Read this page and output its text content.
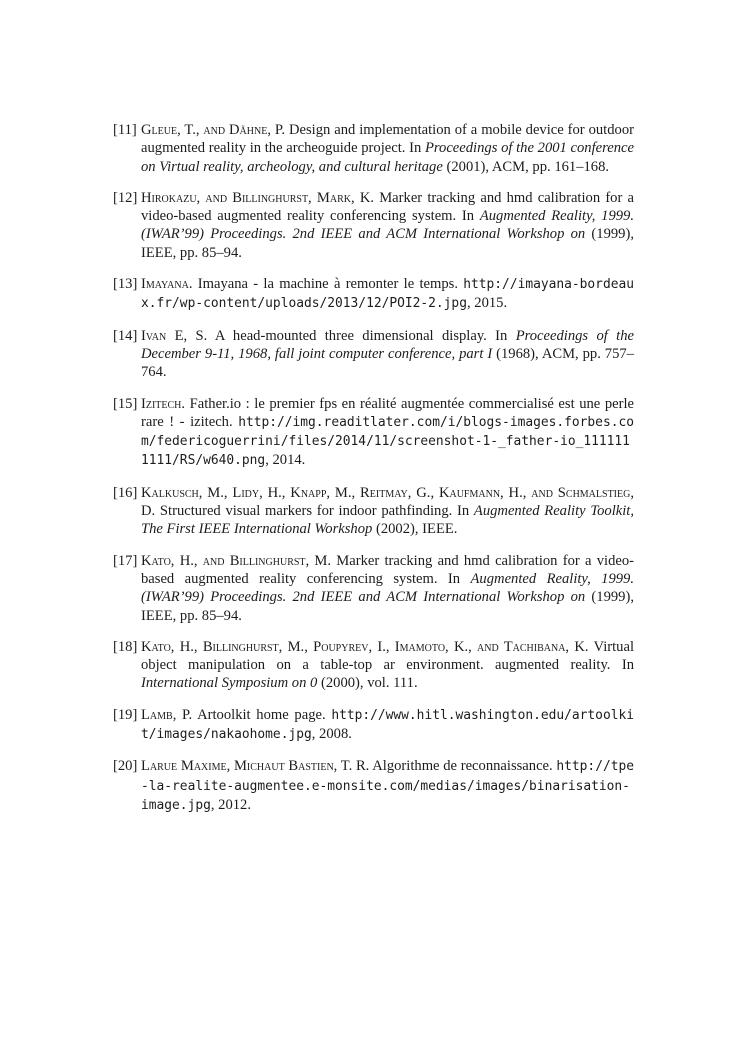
[11] Gleue, T., and Dähne, P. Design and implementation of a mobile device for outdoor augmented reality in the archeoguide project. In Proceedings of the 2001 conference on Virtual reality, archeology, and cultural heritage (2001), ACM, pp. 161–168.
[12] Hirokazu, and Billinghurst, Mark, K. Marker tracking and hmd calibration for a video-based augmented reality conferencing system. In Augmented Reality, 1999.(IWAR’99) Proceedings. 2nd IEEE and ACM International Workshop on (1999), IEEE, pp. 85–94.
[13] Imayana. Imayana - la machine à remonter le temps. http://imayana-bordeaux.fr/wp-content/uploads/2013/12/POI2-2.jpg, 2015.
[14] Ivan E, S. A head-mounted three dimensional display. In Proceedings of the December 9-11, 1968, fall joint computer conference, part I (1968), ACM, pp. 757–764.
[15] Izitech. Father.io : le premier fps en réalité augmentée commercialisé est une perle rare ! - izitech. http://img.readitlater.com/i/blogs-images.forbes.com/federicoguerrini/files/2014/11/screenshot-1-_father-io_1111111111/RS/w640.png, 2014.
[16] Kalkusch, M., Lidy, H., Knapp, M., Reitmay, G., Kaufmann, H., and Schmalstieg, D. Structured visual markers for indoor pathfinding. In Augmented Reality Toolkit, The First IEEE International Workshop (2002), IEEE.
[17] Kato, H., and Billinghurst, M. Marker tracking and hmd calibration for a video-based augmented reality conferencing system. In Augmented Reality, 1999.(IWAR’99) Proceedings. 2nd IEEE and ACM International Workshop on (1999), IEEE, pp. 85–94.
[18] Kato, H., Billinghurst, M., Poupyrev, I., Imamoto, K., and Tachibana, K. Virtual object manipulation on a table-top ar environment. augmented reality. In International Symposium on 0 (2000), vol. 111.
[19] Lamb, P. Artoolkit home page. http://www.hitl.washington.edu/artoolkit/images/nakaohome.jpg, 2008.
[20] Larue Maxime, Michaut Bastien, T. R. Algorithme de reconnaissance. http://tpe-la-realite-augmentee.e-monsite.com/medias/images/binarisation-image.jpg, 2012.
